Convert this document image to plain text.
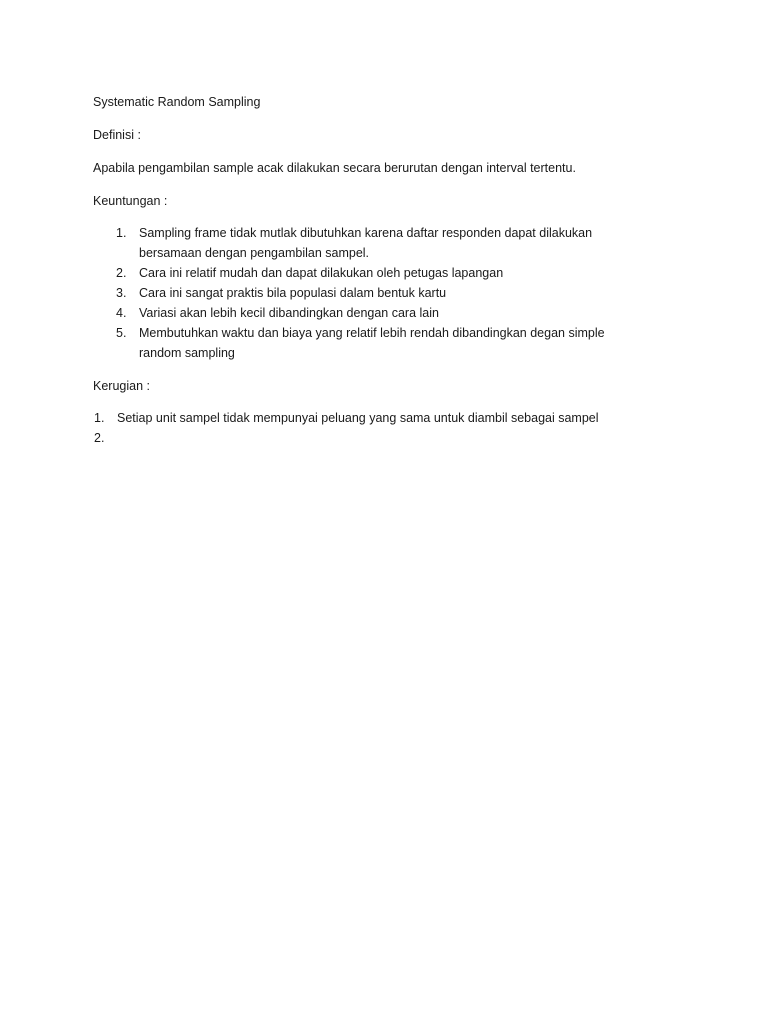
Systematic Random Sampling
Definisi :
Apabila pengambilan sample acak dilakukan secara berurutan dengan interval tertentu.
Keuntungan :
1. Sampling frame tidak mutlak dibutuhkan karena daftar responden dapat dilakukan bersamaan dengan pengambilan sampel.
2. Cara ini relatif mudah dan dapat dilakukan oleh petugas lapangan
3. Cara ini sangat praktis bila populasi dalam bentuk kartu
4. Variasi akan lebih kecil dibandingkan dengan cara lain
5. Membutuhkan waktu dan biaya yang relatif lebih rendah dibandingkan degan simple random sampling
Kerugian :
1. Setiap unit sampel tidak mempunyai peluang yang sama untuk diambil sebagai sampel
2.
